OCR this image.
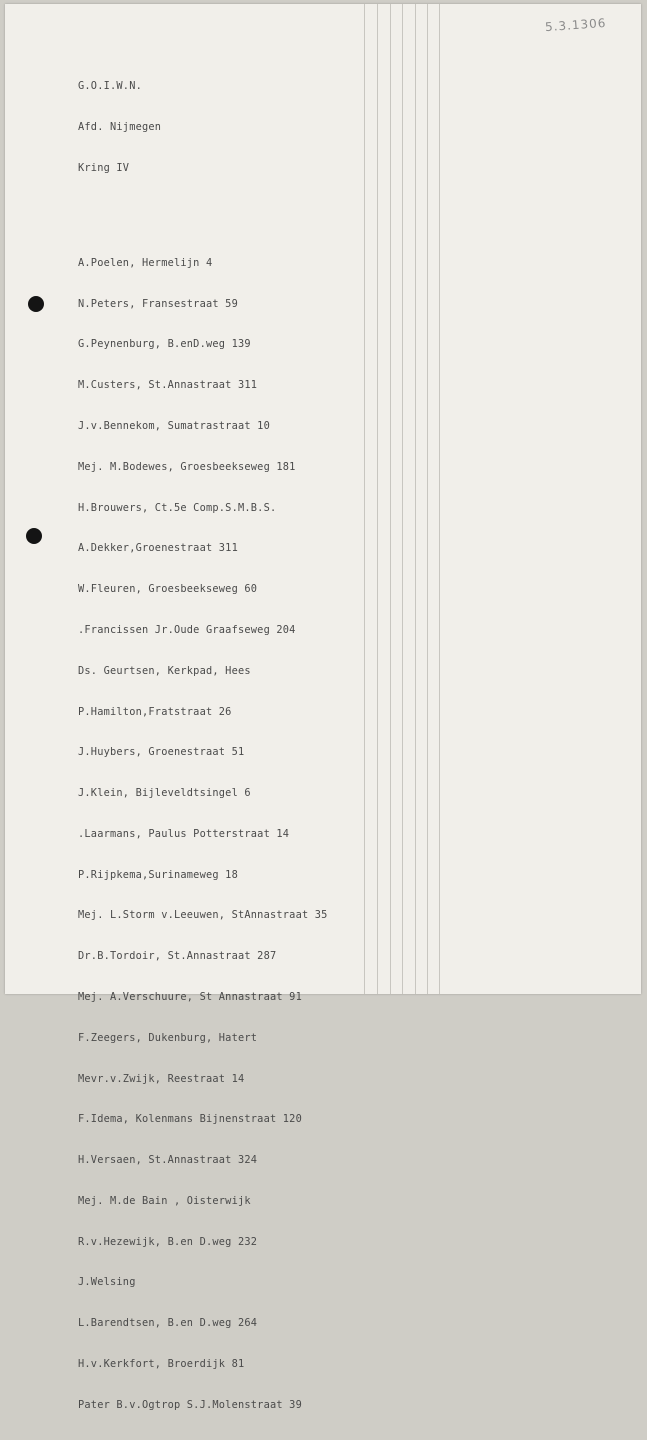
5.3.1306

G.O.I.W.N.

Afd. Nijmegen

Kring IV

A.Poelen, Hermelijn 4

N.Peters, Fransestraat 59

G.Peynenburg, B.enD.weg 139

M.Custers, St.Annastraat 311

J.v.Bennekom, Sumatrastraat 10

Mej. M.Bodewes, Groesbeekseweg 181

H.Brouwers, Ct.5e Comp.S.M.B.S.

A.Dekker,Groenestraat 311

W.Fleuren, Groesbeekseweg 60

.Francissen Jr.Oude Graafseweg 204

Ds. Geurtsen, Kerkpad, Hees

P.Hamilton,Fratstraat 26

J.Huybers, Groenestraat 51

J.Klein, Bijleveldtsingel 6

.Laarmans, Paulus Potterstraat 14

P.Rijpkema,Surinameweg 18

Mej. L.Storm v.Leeuwen, StAnnastraat 35

Dr.B.Tordoir, St.Annastraat 287

Mej. A.Verschuure, St Annastraat 91

F.Zeegers, Dukenburg, Hatert

Mevr.v.Zwijk, Reestraat 14

F.Idema, Kolenmans Bijnenstraat 120

H.Versaen, St.Annastraat 324

Mej. M.de Bain , Oisterwijk

R.v.Hezewijk, B.en D.weg 232

J.Welsing

L.Barendtsen, B.en D.weg 264

H.v.Kerkfort, Broerdijk 81

Pater B.v.Ogtrop S.J.Molenstraat 39
